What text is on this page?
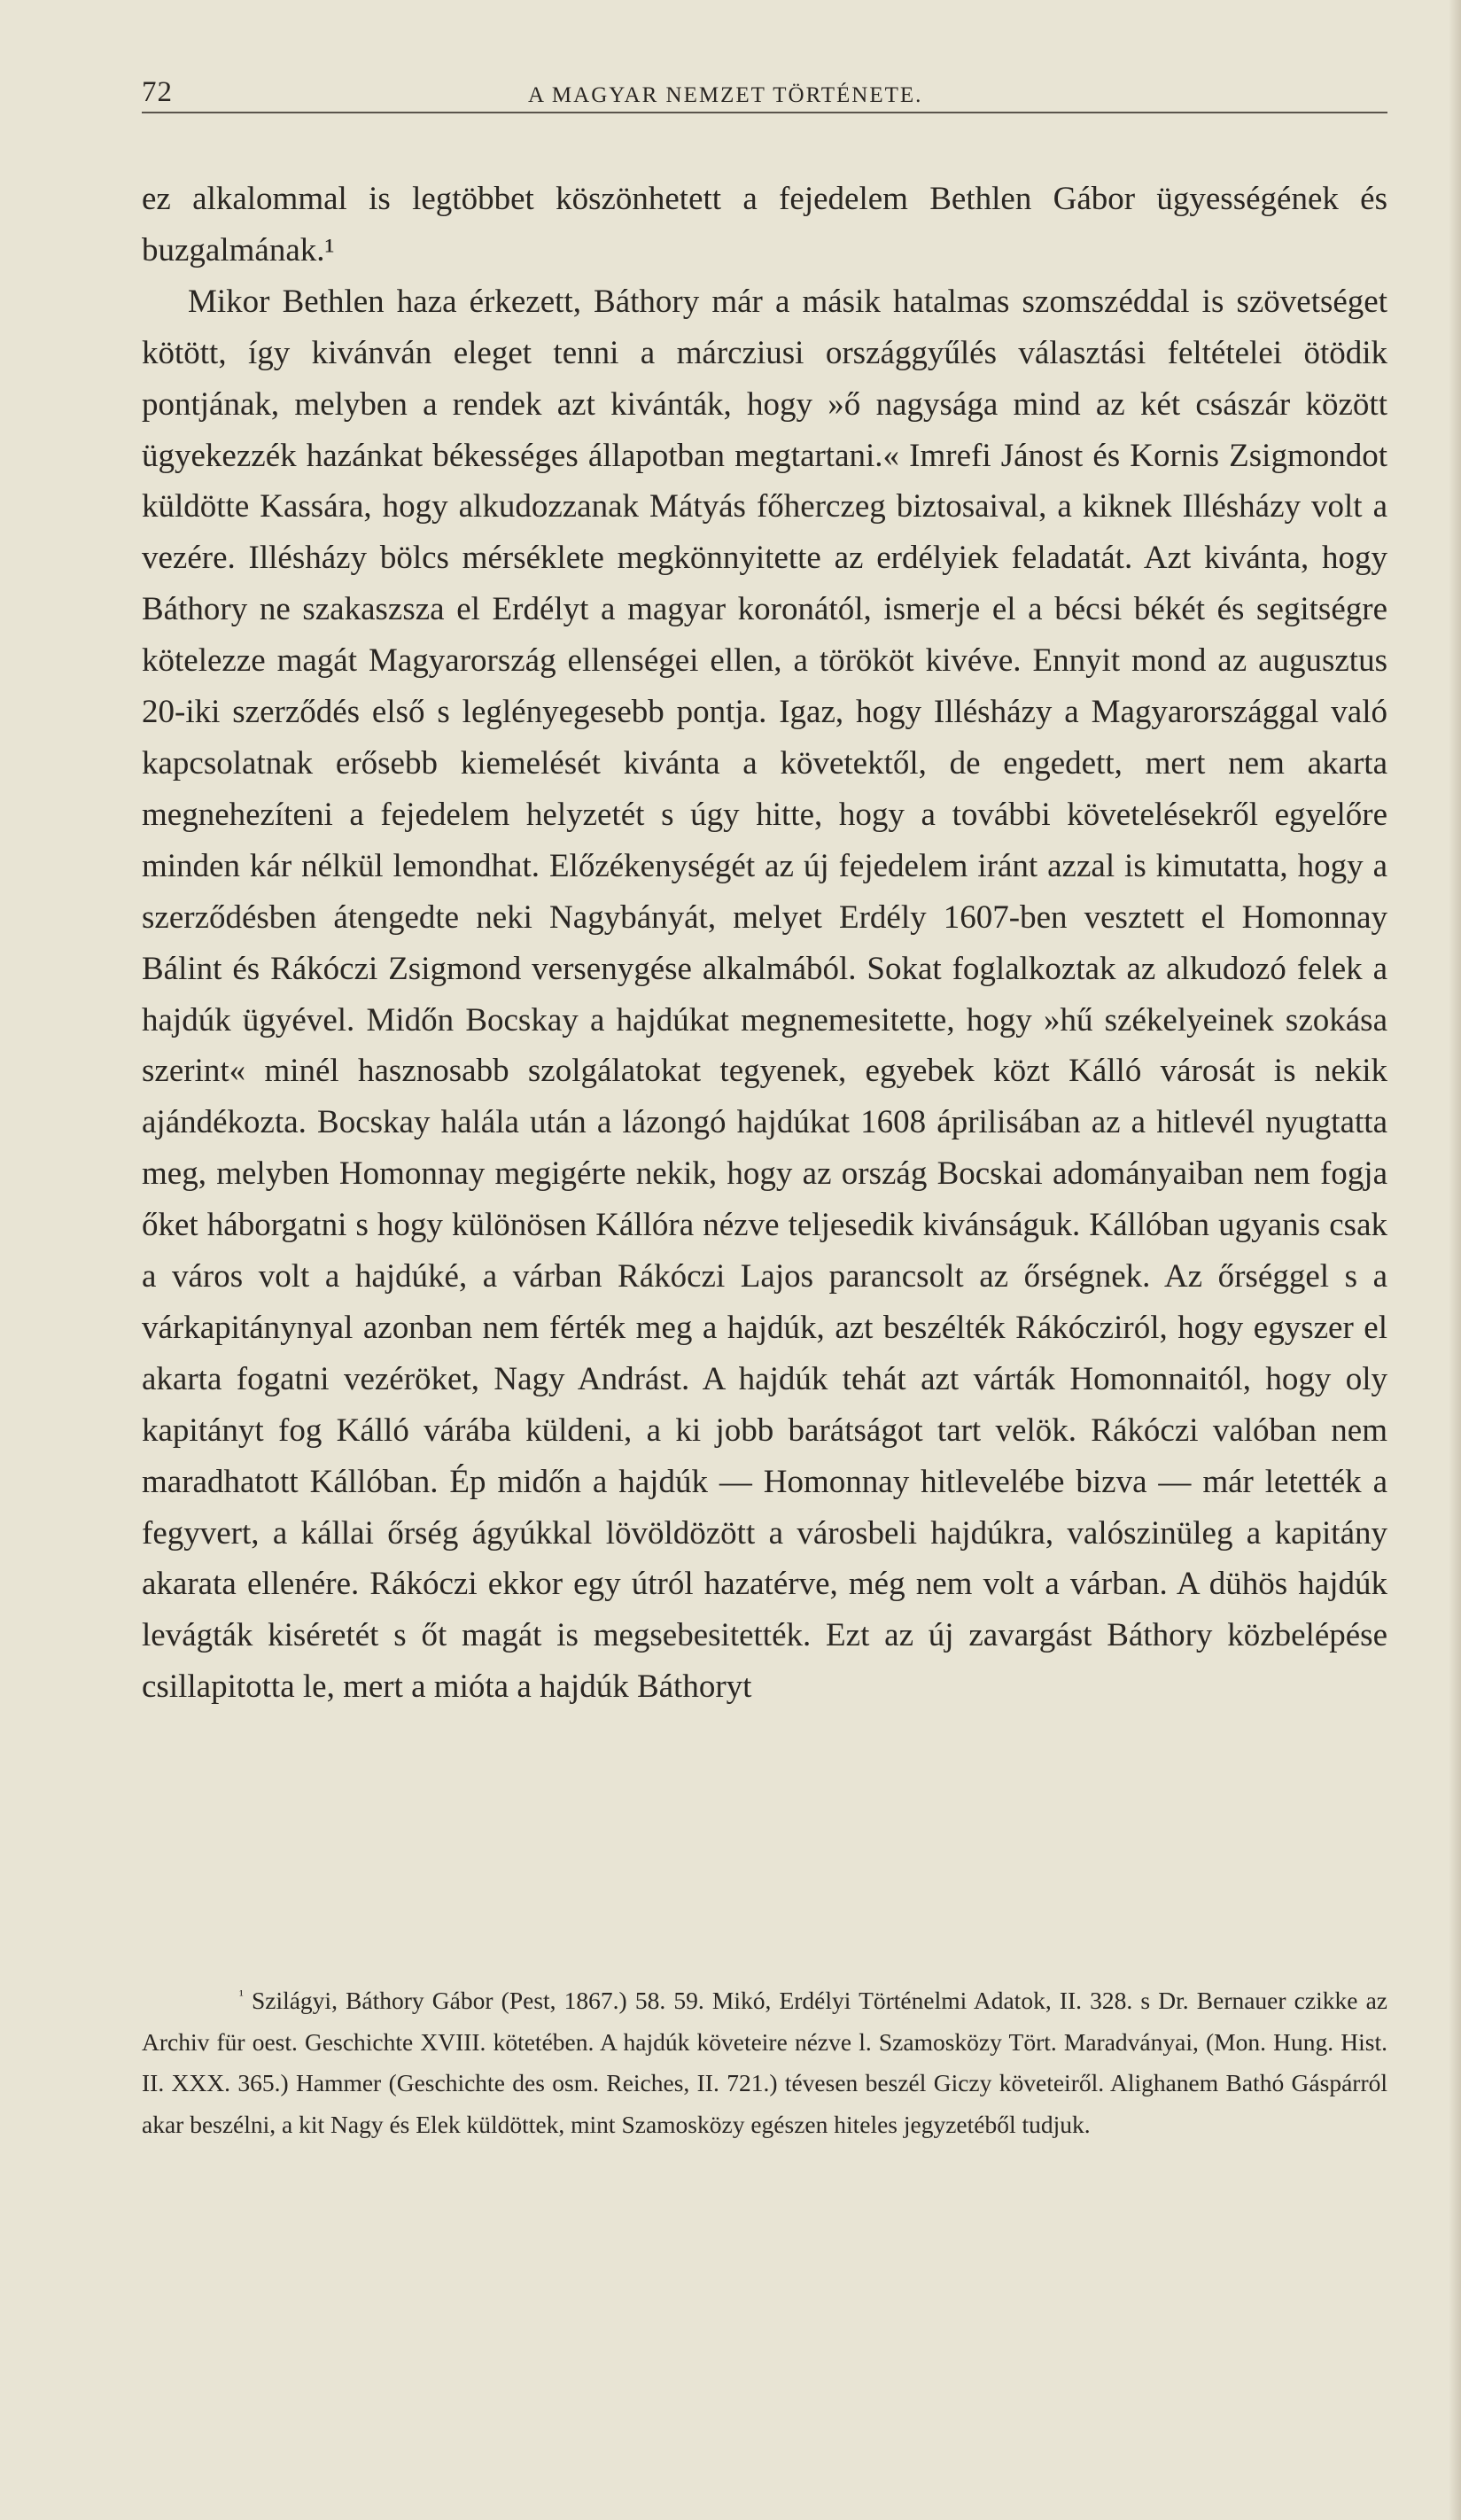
72	A MAGYAR NEMZET TÖRTÉNETE.

ez alkalommal is legtöbbet köszönhetett a fejedelem Bethlen Gábor ügyességének és buzgalmának.¹

Mikor Bethlen haza érkezett, Báthory már a másik hatalmas szomszéddal is szövetséget kötött, így kivánván eleget tenni a márcziusi országgyűlés választási feltételei ötödik pontjának, melyben a rendek azt kivánták, hogy »ő nagysága mind az két császár között ügyekezzék hazánkat békességes állapotban megtartani.« Imrefi Jánost és Kornis Zsigmondot küldötte Kassára, hogy alkudozzanak Mátyás főherczeg biztosaival, a kiknek Illésházy volt a vezére. Illésházy bölcs mérséklete megkönnyitette az erdélyiek feladatát. Azt kivánta, hogy Báthory ne szakaszsza el Erdélyt a magyar koronától, ismerje el a bécsi békét és segitségre kötelezze magát Magyarország ellenségei ellen, a törököt kivéve. Ennyit mond az augusztus 20-iki szerződés első s leglényegesebb pontja. Igaz, hogy Illésházy a Magyarországgal való kapcsolatnak erősebb kiemelését kivánta a követektől, de engedett, mert nem akarta megnehezíteni a fejedelem helyzetét s úgy hitte, hogy a további követelésekről egyelőre minden kár nélkül lemondhat. Előzékenységét az új fejedelem iránt azzal is kimutatta, hogy a szerződésben átengedte neki Nagybányát, melyet Erdély 1607-ben vesztett el Homonnay Bálint és Rákóczi Zsigmond versenygése alkalmából. Sokat foglalkoztak az alkudozó felek a hajdúk ügyével. Midőn Bocskay a hajdúkat megnemesitette, hogy »hű székelyeinek szokása szerint« minél hasznosabb szolgálatokat tegyenek, egyebek közt Kálló városát is nekik ajándékozta. Bocskay halála után a lázongó hajdúkat 1608 áprilisában az a hitlevél nyugtatta meg, melyben Homonnay megigérte nekik, hogy az ország Bocskai adományaiban nem fogja őket háborgatni s hogy különösen Kállóra nézve teljesedik kivánságuk. Kállóban ugyanis csak a város volt a hajdúké, a várban Rákóczi Lajos parancsolt az őrségnek. Az őrséggel s a várkapitánynyal azonban nem férték meg a hajdúk, azt beszélték Rákócziról, hogy egyszer el akarta fogatni vezéröket, Nagy Andrást. A hajdúk tehát azt várták Homonnaitól, hogy oly kapitányt fog Kálló várába küldeni, a ki jobb barátságot tart velök. Rákóczi valóban nem maradhatott Kállóban. Ép midőn a hajdúk — Homonnay hitlevelébe bizva — már letették a fegyvert, a kállai őrség ágyúkkal lövöldözött a városbeli hajdúkra, valószinüleg a kapitány akarata ellenére. Rákóczi ekkor egy útról hazatérve, még nem volt a várban. A dühös hajdúk levágták kiséretét s őt magát is megsebesitették. Ezt az új zavargást Báthory közbelépése csillapitotta le, mert a mióta a hajdúk Báthoryt

$^{^1}$ Szilágyi, Báthory Gábor (Pest, 1867.) 58. 59. Mikó, Erdélyi Történelmi Adatok, II. 328. s Dr. Bernauer czikke az Archiv für oest. Geschichte XVIII. kötetében. A hajdúk követeire nézve l. Szamosközy Tört. Maradványai, (Mon. Hung. Hist. II. XXX. 365.) Hammer (Geschichte des osm. Reiches, II. 721.) tévesen beszél Giczy követeiről. Alighanem Bathó Gáspárról akar beszélni, a kit Nagy és Elek küldöttek, mint Szamosközy egészen hiteles jegyzetéből tudjuk.
